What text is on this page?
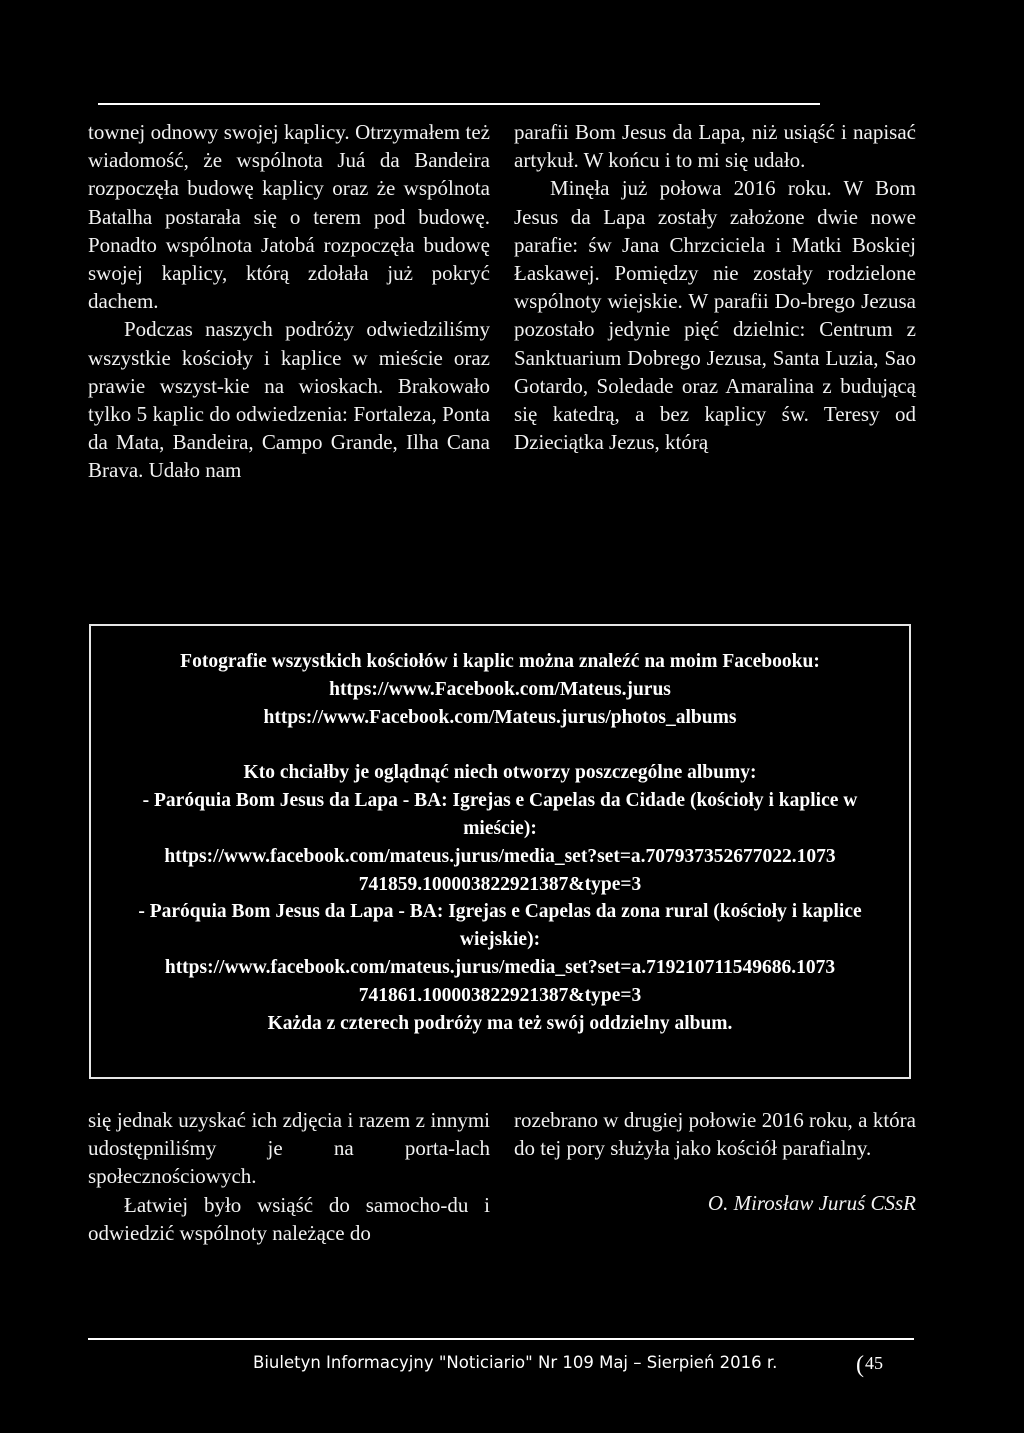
townej odnowy swojej kaplicy. Otrzymałem też wiadomość, że wspólnota Juá da Bandeira rozpoczęła budowę kaplicy oraz że wspólnota Batalha postarała się o terem pod budowę. Ponadto wspólnota Jatobá rozpoczęła budowę swojej kaplicy, którą zdołała już pokryć dachem.

Podczas naszych podróży odwiedziliśmy wszystkie kościoły i kaplice w mieście oraz prawie wszyst-kie na wioskach. Brakowało tylko 5 kaplic do odwiedzenia: Fortaleza, Ponta da Mata, Bandeira, Campo Grande, Ilha Cana Brava. Udało nam

parafii Bom Jesus da Lapa, niż usiąść i napisać artykuł. W końcu i to mi się udało.

Minęła już połowa 2016 roku. W Bom Jesus da Lapa zostały założone dwie nowe parafie: św Jana Chrzciciela i Matki Boskiej Łaskawej. Pomiędzy nie zostały rodzielone wspólnoty wiejskie. W parafii Do-brego Jezusa pozostało jedynie pięć dzielnic: Centrum z Sanktuarium Dobrego Jezusa, Santa Luzia, Sao Gotardo, Soledade oraz Amaralina z budującą się katedrą, a bez kaplicy św. Teresy od Dzieciątka Jezus, którą

Fotografie wszystkich kościołów i kaplic można znaleźć na moim Facebooku:

https://www.Facebook.com/Mateus.jurus

https://www.Facebook.com/Mateus.jurus/photos_albums

Kto chciałby je oglądnąć niech otworzy poszczególne albumy:

- Paróquia Bom Jesus da Lapa - BA: Igrejas e Capelas da Cidade (kościoły i kaplice w mieście):

https://www.facebook.com/mateus.jurus/media_set?set=a.707937352677022.1073 741859.100003822921387&type=3

- Paróquia Bom Jesus da Lapa - BA: Igrejas e Capelas da zona rural (kościoły i kaplice wiejskie):

https://www.facebook.com/mateus.jurus/media_set?set=a.719210711549686.1073 741861.100003822921387&type=3

Każda z czterech podróży ma też swój oddzielny album.

się jednak uzyskać ich zdjęcia i razem z innymi udostępniliśmy je na porta-lach społecznościowych.

Łatwiej było wsiąść do samocho-du i odwiedzić wspólnoty należące do

rozebrano w drugiej połowie 2016 roku, a która do tej pory służyła jako kościół parafialny.

O. Mirosław Juruś CSsR

Biuletyn Informacyjny "Noticiario" Nr 109 Maj – Sierpień 2016 r.	(45
